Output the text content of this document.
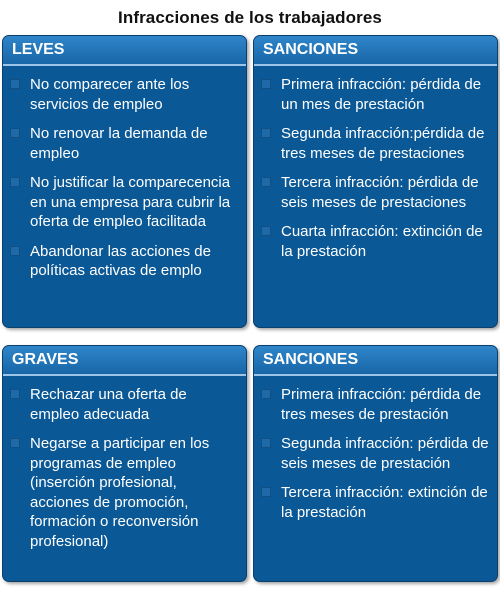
Infracciones de los trabajadores
LEVES
No comparecer ante los servicios de empleo
No renovar la demanda de empleo
No justificar la comparecencia en una empresa para cubrir la oferta de empleo facilitada
Abandonar las acciones de políticas activas de emplo
SANCIONES
Primera infracción: pérdida de un mes de prestación
Segunda infracción:pérdida de tres meses de prestaciones
Tercera infracción: pérdida de seis meses de prestaciones
Cuarta infracción: extinción de la prestación
GRAVES
Rechazar una oferta de empleo adecuada
Negarse a participar en los programas de empleo (inserción profesional, acciones de promoción, formación o reconversión profesional)
SANCIONES
Primera infracción: pérdida de tres meses de prestación
Segunda infracción: pérdida de seis meses de prestación
Tercera infracción: extinción de la prestación
